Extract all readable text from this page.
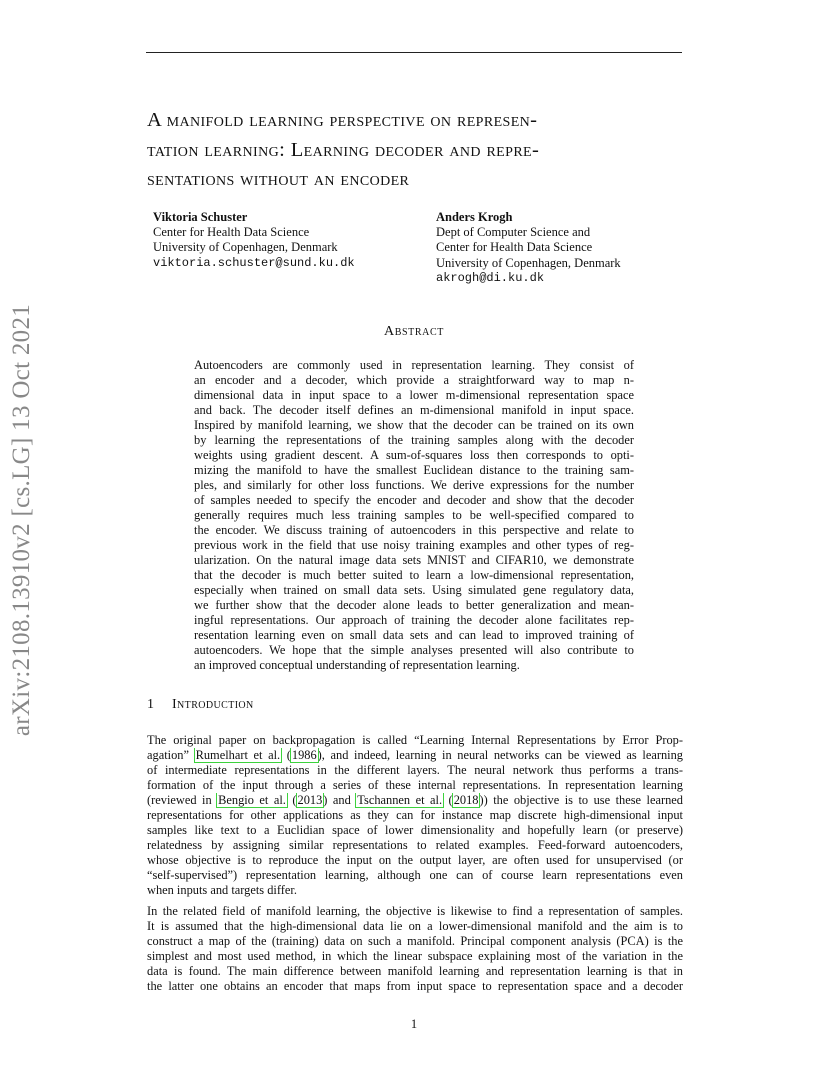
arXiv:2108.13910v2 [cs.LG] 13 Oct 2021
A manifold learning perspective on represen-
tation learning: Learning decoder and repre-
sentations without an encoder
Viktoria Schuster
Center for Health Data Science
University of Copenhagen, Denmark
viktoria.schuster@sund.ku.dk
Anders Krogh
Dept of Computer Science and
Center for Health Data Science
University of Copenhagen, Denmark
akrogh@di.ku.dk
Abstract
Autoencoders are commonly used in representation learning. They consist of
an encoder and a decoder, which provide a straightforward way to map n-
dimensional data in input space to a lower m-dimensional representation space
and back. The decoder itself defines an m-dimensional manifold in input space.
Inspired by manifold learning, we show that the decoder can be trained on its own
by learning the representations of the training samples along with the decoder
weights using gradient descent. A sum-of-squares loss then corresponds to opti-
mizing the manifold to have the smallest Euclidean distance to the training sam-
ples, and similarly for other loss functions. We derive expressions for the number
of samples needed to specify the encoder and decoder and show that the decoder
generally requires much less training samples to be well-specified compared to
the encoder. We discuss training of autoencoders in this perspective and relate to
previous work in the field that use noisy training examples and other types of reg-
ularization. On the natural image data sets MNIST and CIFAR10, we demonstrate
that the decoder is much better suited to learn a low-dimensional representation,
especially when trained on small data sets. Using simulated gene regulatory data,
we further show that the decoder alone leads to better generalization and mean-
ingful representations. Our approach of training the decoder alone facilitates rep-
resentation learning even on small data sets and can lead to improved training of
autoencoders. We hope that the simple analyses presented will also contribute to
an improved conceptual understanding of representation learning.
1 Introduction
The original paper on backpropagation is called “Learning Internal Representations by Error Prop-
agation” Rumelhart et al. (1986), and indeed, learning in neural networks can be viewed as learning
of intermediate representations in the different layers. The neural network thus performs a trans-
formation of the input through a series of these internal representations. In representation learning
(reviewed in Bengio et al. (2013) and Tschannen et al. (2018)) the objective is to use these learned
representations for other applications as they can for instance map discrete high-dimensional input
samples like text to a Euclidian space of lower dimensionality and hopefully learn (or preserve)
relatedness by assigning similar representations to related examples. Feed-forward autoencoders,
whose objective is to reproduce the input on the output layer, are often used for unsupervised (or
“self-supervised”) representation learning, although one can of course learn representations even
when inputs and targets differ.
In the related field of manifold learning, the objective is likewise to find a representation of samples.
It is assumed that the high-dimensional data lie on a lower-dimensional manifold and the aim is to
construct a map of the (training) data on such a manifold. Principal component analysis (PCA) is the
simplest and most used method, in which the linear subspace explaining most of the variation in the
data is found. The main difference between manifold learning and representation learning is that in
the latter one obtains an encoder that maps from input space to representation space and a decoder
1
